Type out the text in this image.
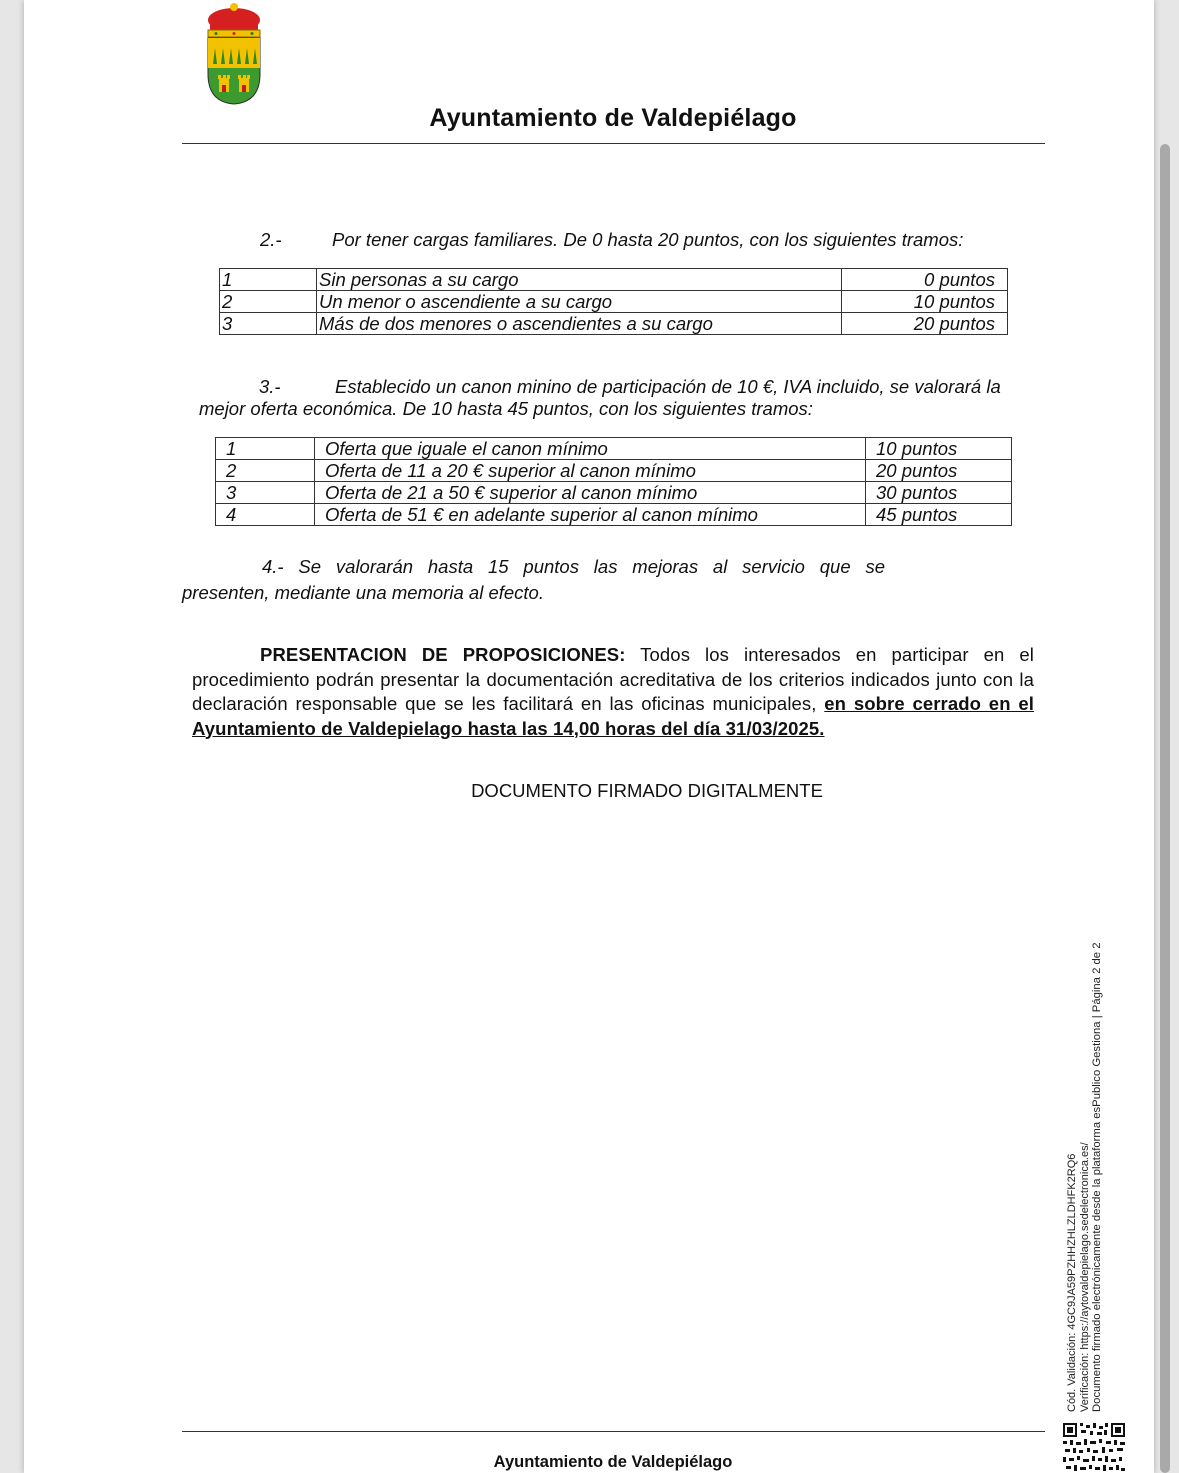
Ayuntamiento de Valdepiélago
2.-	Por tener cargas familiares. De 0 hasta 20 puntos, con los siguientes tramos:
1	Sin personas a su cargo	0 puntos
2	Un menor o ascendiente a su cargo	10 puntos
3	Más de dos menores o ascendientes a su cargo	20 puntos
3.-	Establecido un canon minino de participación de 10 €, IVA incluido, se valorará la
mejor oferta económica. De 10 hasta 45 puntos, con los siguientes tramos:
1	Oferta que iguale el canon mínimo	10 puntos
2	Oferta de 11 a 20 € superior al canon mínimo	20 puntos
3	Oferta de 21 a 50 € superior al canon mínimo	30 puntos
4	Oferta de 51 € en adelante superior al canon mínimo	45 puntos
4.- Se valorarán hasta 15 puntos las mejoras al servicio que se
presenten, mediante una memoria al efecto.
PRESENTACION DE PROPOSICIONES: Todos los interesados en participar en el procedimiento podrán presentar la documentación acreditativa de los criterios indicados junto con la declaración responsable que se les facilitará en las oficinas municipales, en sobre cerrado en el Ayuntamiento de Valdepielago hasta las 14,00 horas del día 31/03/2025.
DOCUMENTO FIRMADO DIGITALMENTE
Ayuntamiento de Valdepiélago
Cód. Validación: 4GC9JA59PZHHZHLZLDHFK2RQ6 Verificación: https://aytovaldepielago.sedelectronica.es/ Documento firmado electrónicamente desde la plataforma esPublico Gestiona | Página 2 de 2
